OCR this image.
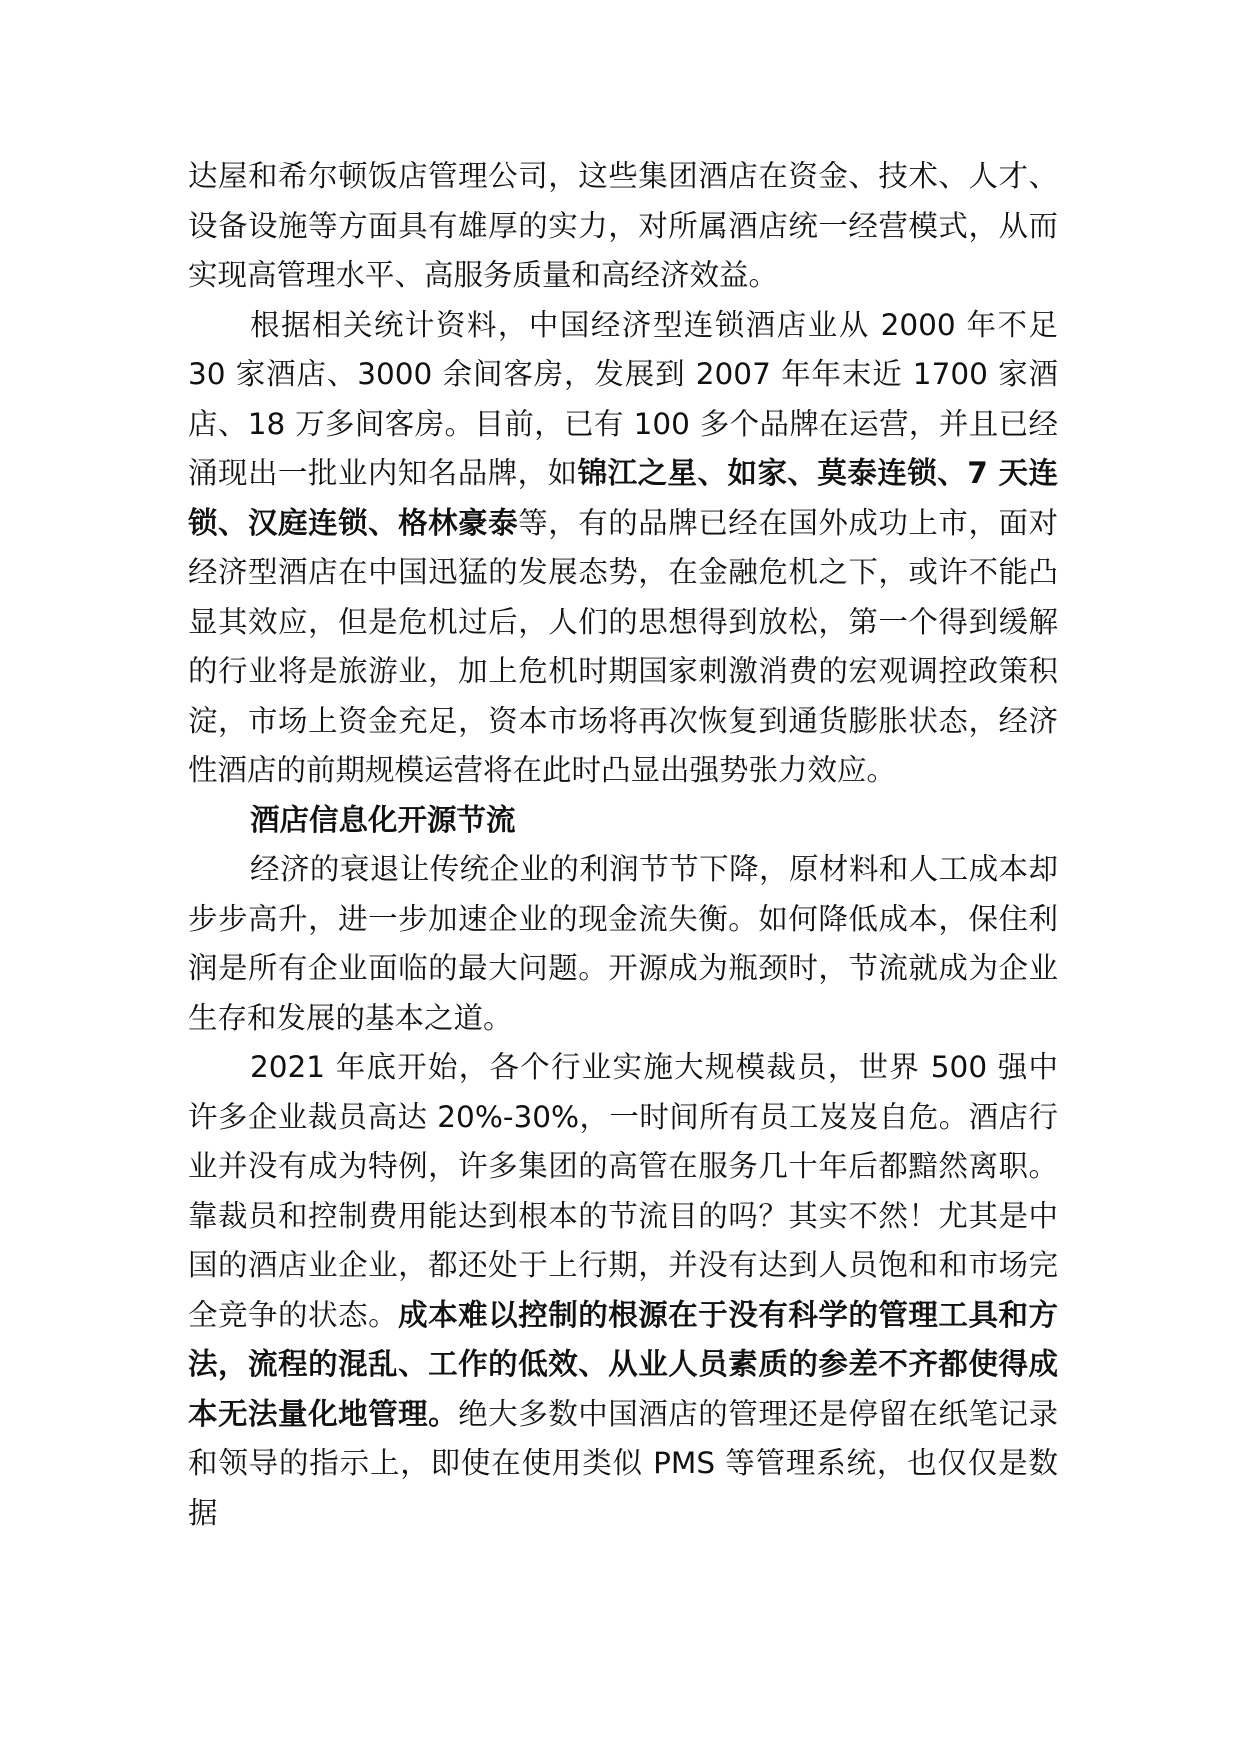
达屋和希尔顿饭店管理公司，这些集团酒店在资金、技术、人才、设备设施等方面具有雄厚的实力，对所属酒店统一经营模式，从而实现高管理水平、高服务质量和高经济效益。

根据相关统计资料，中国经济型连锁酒店业从 2000 年不足 30 家酒店、3000 余间客房，发展到 2007 年年末近 1700 家酒店、18 万多间客房。目前，已有 100 多个品牌在运营，并且已经涌现出一批业内知名品牌，如锦江之星、如家、莫泰连锁、7 天连锁、汉庭连锁、格林豪泰等，有的品牌已经在国外成功上市，面对经济型酒店在中国迅猛的发展态势，在金融危机之下，或许不能凸显其效应，但是危机过后，人们的思想得到放松，第一个得到缓解的行业将是旅游业，加上危机时期国家刺激消费的宏观调控政策积淀，市场上资金充足，资本市场将再次恢复到通货膨胀状态，经济性酒店的前期规模运营将在此时凸显出强势张力效应。

酒店信息化开源节流

经济的衰退让传统企业的利润节节下降，原材料和人工成本却步步高升，进一步加速企业的现金流失衡。如何降低成本，保住利润是所有企业面临的最大问题。开源成为瓶颈时，节流就成为企业生存和发展的基本之道。

2021 年底开始，各个行业实施大规模裁员，世界 500 强中许多企业裁员高达 20%-30%，一时间所有员工岌岌自危。酒店行业并没有成为特例，许多集团的高管在服务几十年后都黯然离职。靠裁员和控制费用能达到根本的节流目的吗？其实不然！尤其是中国的酒店业企业，都还处于上行期，并没有达到人员饱和和市场完全竞争的状态。成本难以控制的根源在于没有科学的管理工具和方法，流程的混乱、工作的低效、从业人员素质的参差不齐都使得成本无法量化地管理。绝大多数中国酒店的管理还是停留在纸笔记录和领导的指示上，即使在使用类似 PMS 等管理系统，也仅仅是数据
